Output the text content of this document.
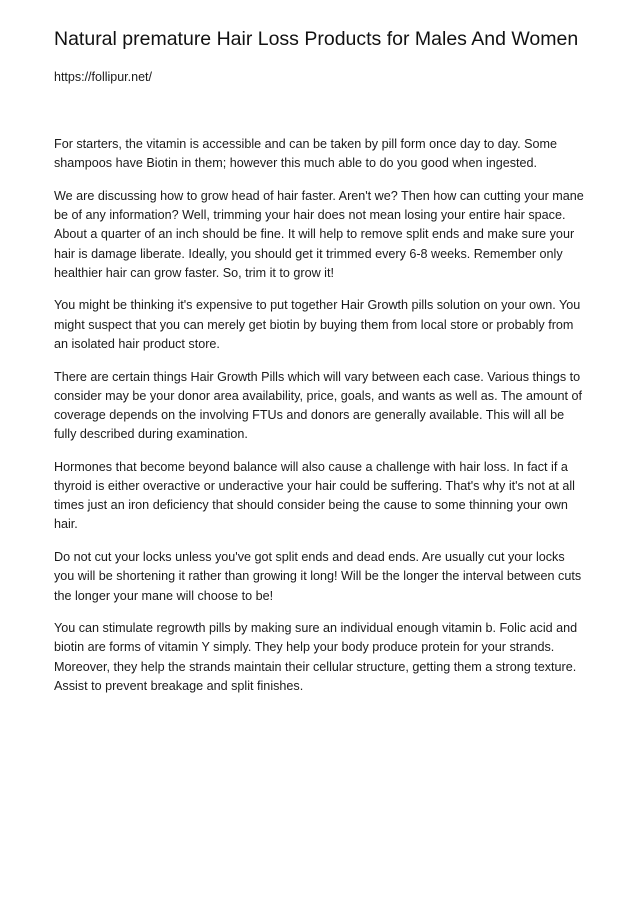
Natural premature Hair Loss Products for Males And Women
https://follipur.net/

For starters, the vitamin is accessible and can be taken by pill form once day to day. Some shampoos have Biotin in them; however this much able to do you good when ingested.

We are discussing how to grow head of hair faster. Aren't we? Then how can cutting your mane be of any information? Well, trimming your hair does not mean losing your entire hair space. About a quarter of an inch should be fine. It will help to remove split ends and make sure your hair is damage liberate. Ideally, you should get it trimmed every 6-8 weeks. Remember only healthier hair can grow faster. So, trim it to grow it!

You might be thinking it's expensive to put together Hair Growth pills solution on your own. You might suspect that you can merely get biotin by buying them from local store or probably from an isolated hair product store.

There are certain things Hair Growth Pills which will vary between each case. Various things to consider may be your donor area availability, price, goals, and wants as well as. The amount of coverage depends on the involving FTUs and donors are generally available. This will all be fully described during examination.

Hormones that become beyond balance will also cause a challenge with hair loss. In fact if a thyroid is either overactive or underactive your hair could be suffering. That's why it's not at all times just an iron deficiency that should consider being the cause to some thinning your own hair.

Do not cut your locks unless you've got split ends and dead ends. Are usually cut your locks you will be shortening it rather than growing it long! Will be the longer the interval between cuts the longer your mane will choose to be!

You can stimulate regrowth pills by making sure an individual enough vitamin b. Folic acid and biotin are forms of vitamin Y simply. They help your body produce protein for your strands. Moreover, they help the strands maintain their cellular structure, getting them a strong texture. Assist to prevent breakage and split finishes.
